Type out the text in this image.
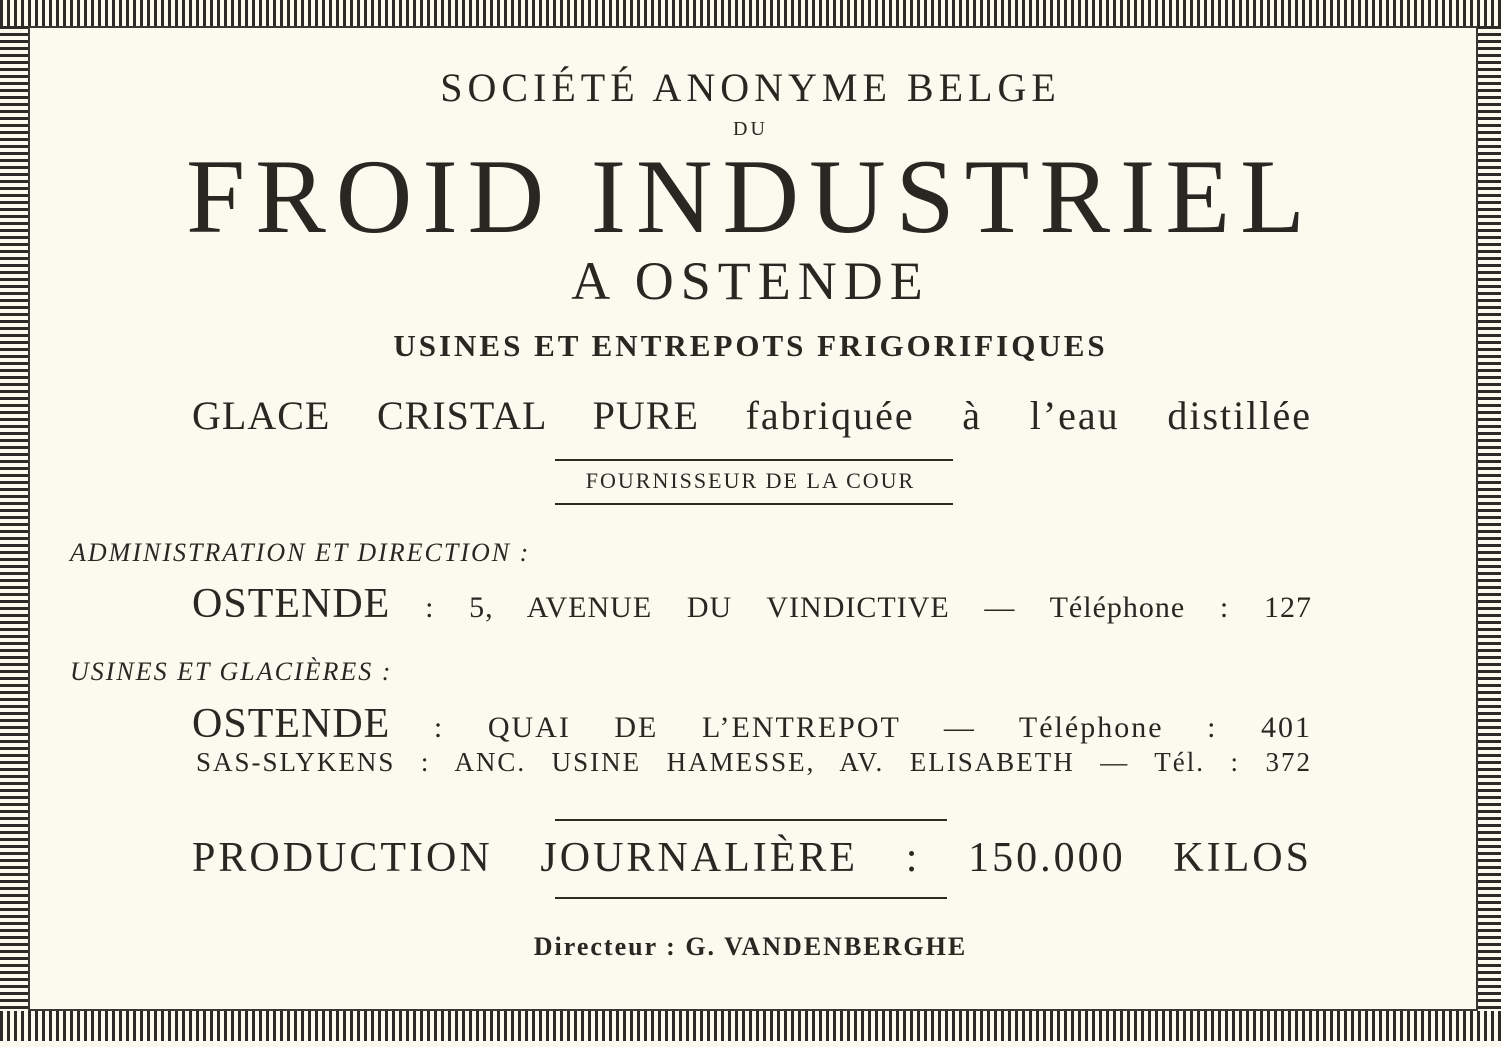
SOCIÉTÉ ANONYME BELGE
DU
FROID INDUSTRIEL
A OSTENDE
USINES ET ENTREPOTS FRIGORIFIQUES
GLACE CRISTAL PURE fabriquée à l’eau distillée
FOURNISSEUR DE LA COUR
ADMINISTRATION ET DIRECTION :
OSTENDE : 5, AVENUE DU VINDICTIVE — Téléphone : 127
USINES ET GLACIÈRES :
OSTENDE : QUAI DE L’ENTREPOT — Téléphone : 401
SAS-SLYKENS : ANC. USINE HAMESSE, AV. ELISABETH — Tél. : 372
PRODUCTION JOURNALIÈRE : 150.000 KILOS
Directeur : G. VANDENBERGHE
